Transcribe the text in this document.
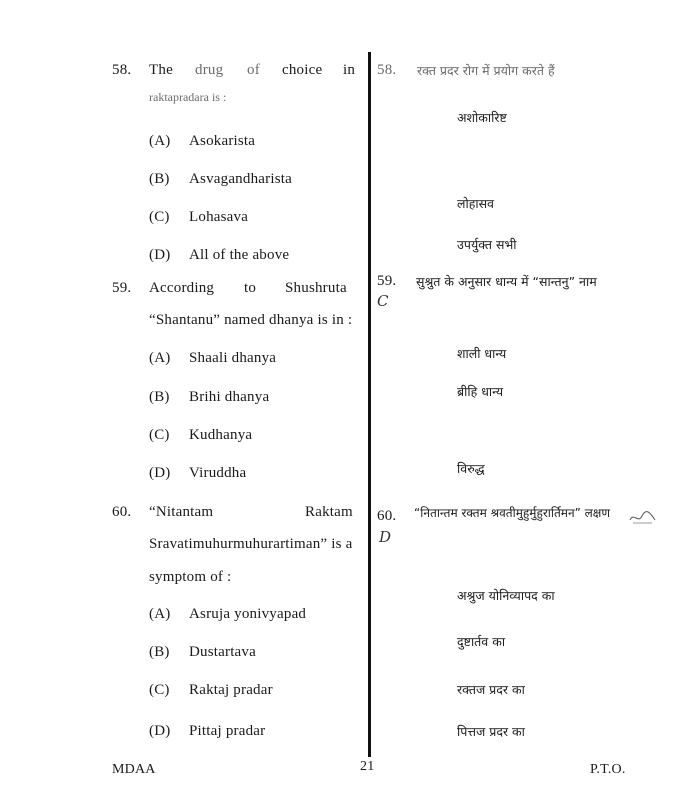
58. The drug of choice in
raktapradara is :
(A) Asokarista
(B) Asvagandharista
(C) Lohasava
(D) All of the above
58. रक्त प्रदर रोग में प्रयोग करते हैं
अशोकारिष्ट
लोहासव
उपर्युक्त सभी
59. According to Shushruta
“Shantanu” named dhanya is in :
(A) Shaali dhanya
(B) Brihi dhanya
(C) Kudhanya
(D) Viruddha
59.
C
सुश्रुत के अनुसार धान्य में “सान्तनु” नाम
शाली धान्य
ब्रीहि धान्य
विरुद्ध
60. “Nitantam	Raktam
Sravatimuhurmuhurartiman” is a
symptom of :
(A) Asruja yonivyapad
(B) Dustartava
(C) Raktaj pradar
(D) Pittaj pradar
60.
D
“नितान्तम रक्तम श्रवतीमुहुर्मुहुरार्तिमन” लक्षण
अश्रुज योनिव्यापद का
दुष्टार्तव का
रक्तज प्रदर का
पित्तज प्रदर का
MDAA	21	P.T.O.
